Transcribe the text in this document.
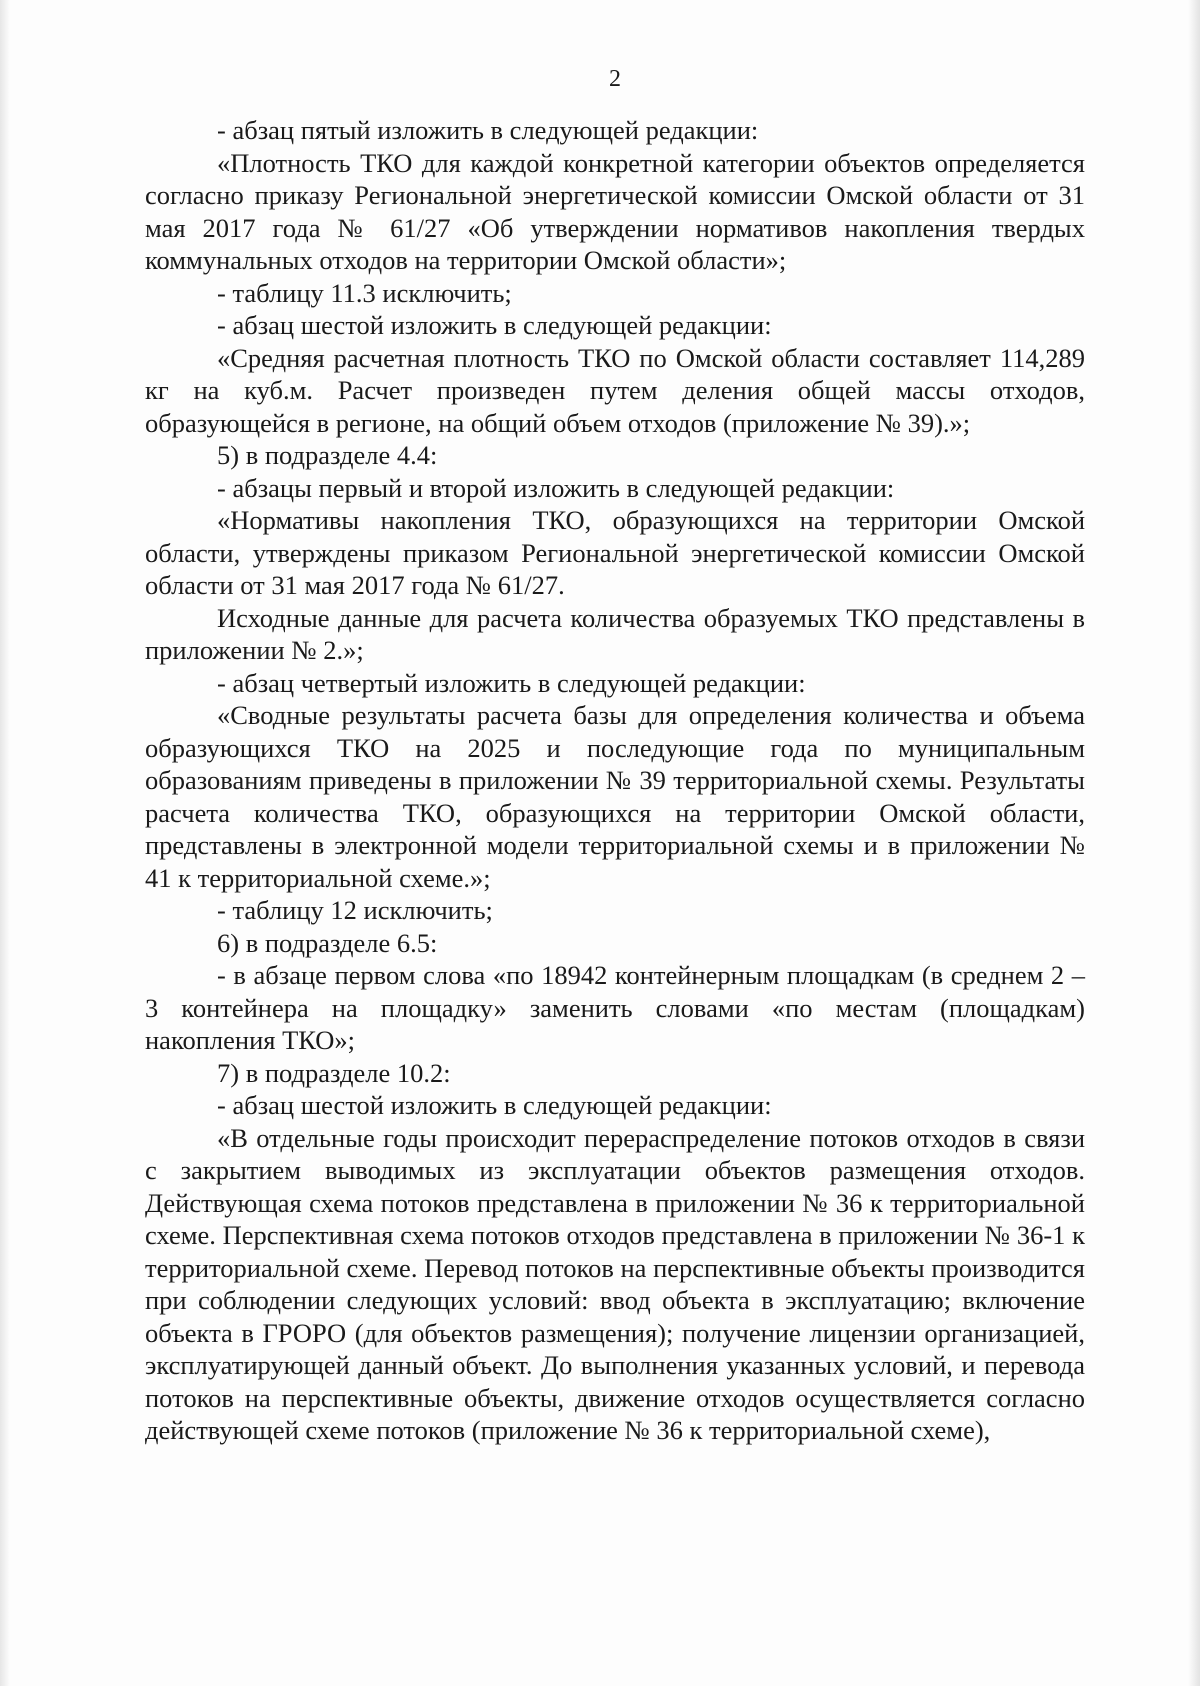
2

- абзац пятый изложить в следующей редакции:

«Плотность ТКО для каждой конкретной категории объектов определяется согласно приказу Региональной энергетической комиссии Омской области от 31 мая 2017 года № 61/27 «Об утверждении нормативов накопления твердых коммунальных отходов на территории Омской области»;

- таблицу 11.3 исключить;

- абзац шестой изложить в следующей редакции:

«Средняя расчетная плотность ТКО по Омской области составляет 114,289 кг на куб.м. Расчет произведен путем деления общей массы отходов, образующейся в регионе, на общий объем отходов (приложение № 39).»;

5) в подразделе 4.4:

- абзацы первый и второй изложить в следующей редакции:

«Нормативы накопления ТКО, образующихся на территории Омской области, утверждены приказом Региональной энергетической комиссии Омской области от 31 мая 2017 года № 61/27.

Исходные данные для расчета количества образуемых ТКО представлены в приложении № 2.»;

- абзац четвертый изложить в следующей редакции:

«Сводные результаты расчета базы для определения количества и объема образующихся ТКО на 2025 и последующие года по муниципальным образованиям приведены в приложении № 39 территориальной схемы. Результаты расчета количества ТКО, образующихся на территории Омской области, представлены в электронной модели территориальной схемы и в приложении № 41 к территориальной схеме.»;

- таблицу 12 исключить;

6) в подразделе 6.5:

- в абзаце первом слова «по 18942 контейнерным площадкам (в среднем 2 – 3 контейнера на площадку» заменить словами «по местам (площадкам) накопления ТКО»;

7) в подразделе 10.2:

- абзац шестой изложить в следующей редакции:

«В отдельные годы происходит перераспределение потоков отходов в связи с закрытием выводимых из эксплуатации объектов размещения отходов. Действующая схема потоков представлена в приложении № 36 к территориальной схеме. Перспективная схема потоков отходов представлена в приложении № 36-1 к территориальной схеме. Перевод потоков на перспективные объекты производится при соблюдении следующих условий: ввод объекта в эксплуатацию; включение объекта в ГРОРО (для объектов размещения); получение лицензии организацией, эксплуатирующей данный объект. До выполнения указанных условий, и перевода потоков на перспективные объекты, движение отходов осуществляется согласно действующей схеме потоков (приложение № 36 к территориальной схеме),
